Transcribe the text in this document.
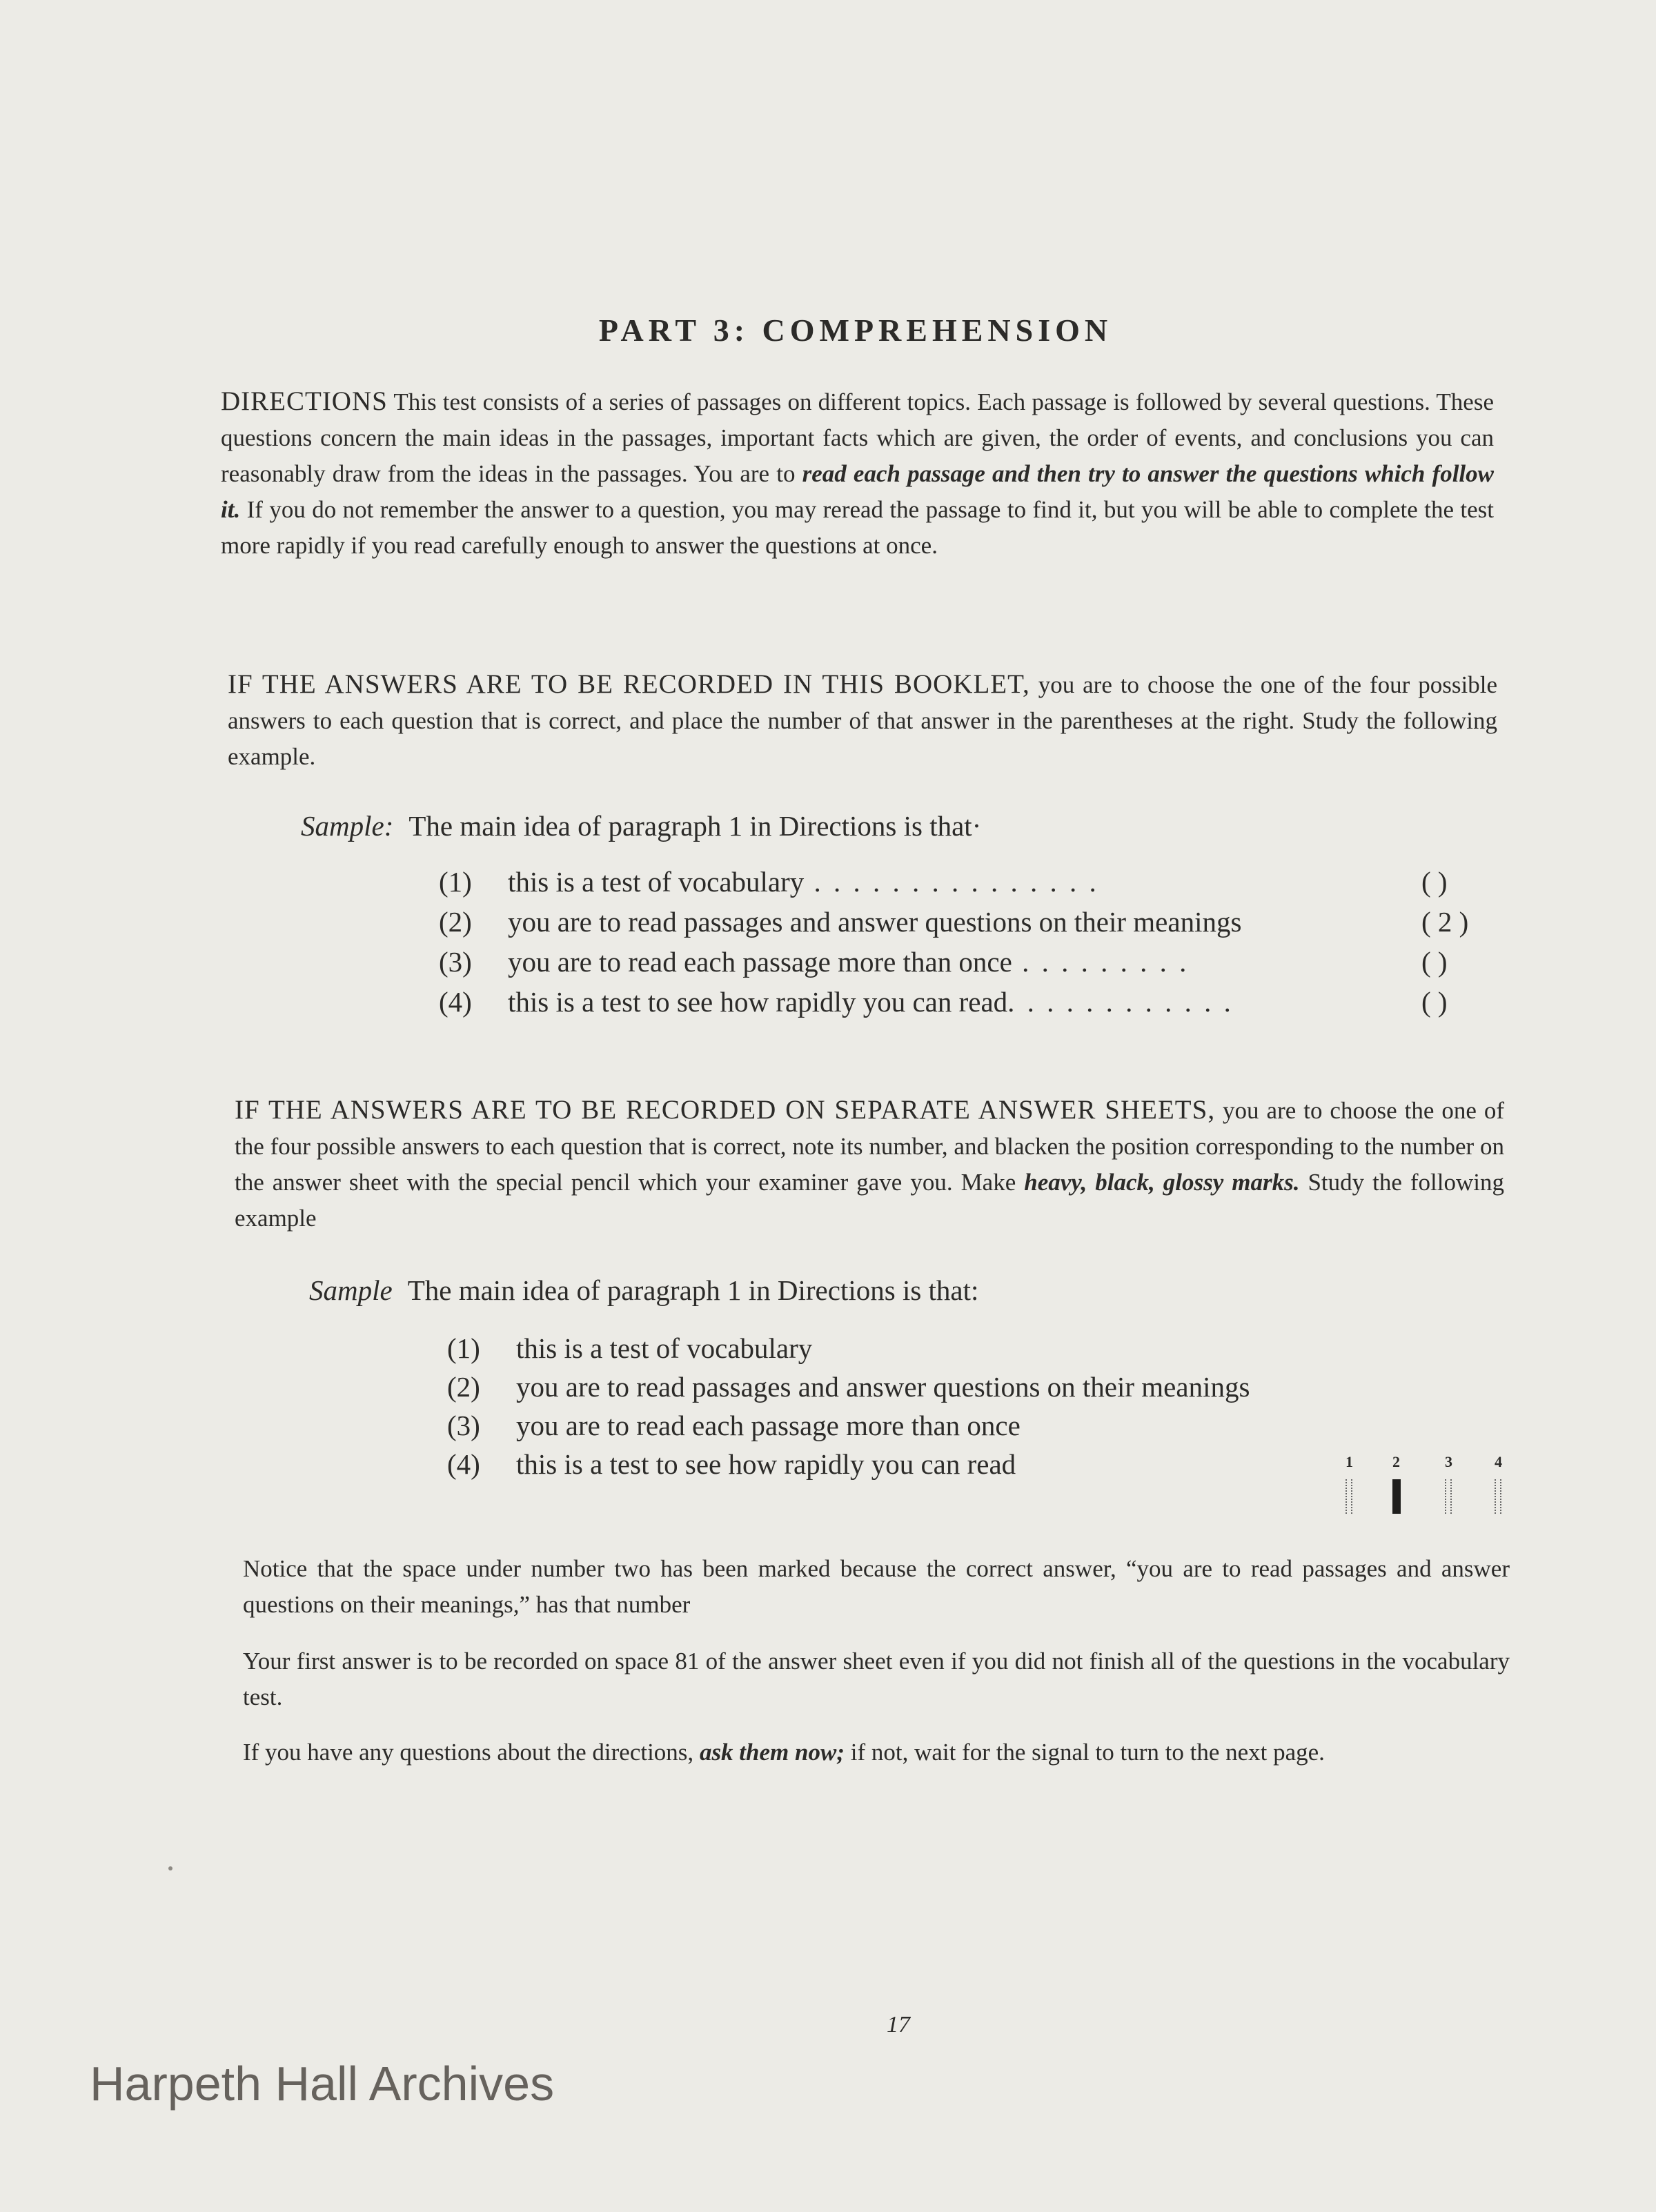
PART 3: COMPREHENSION
DIRECTIONS This test consists of a series of passages on different topics. Each passage is followed by several questions. These questions concern the main ideas in the passages, important facts which are given, the order of events, and conclusions you can reasonably draw from the ideas in the passages. You are to read each passage and then try to answer the questions which follow it. If you do not remember the answer to a question, you may reread the passage to find it, but you will be able to complete the test more rapidly if you read carefully enough to answer the questions at once.
IF THE ANSWERS ARE TO BE RECORDED IN THIS BOOKLET, you are to choose the one of the four possible answers to each question that is correct, and place the number of that answer in the parentheses at the right. Study the following example.
Sample: The main idea of paragraph 1 in Directions is that·
(1) this is a test of vocabulary . . . . . . . . . . . . . . .	( )
(2) you are to read passages and answer questions on their meanings	( 2 )
(3) you are to read each passage more than once . . . . . . . . .	( )
(4) this is a test to see how rapidly you can read. . . . . . . . . . . .	( )
IF THE ANSWERS ARE TO BE RECORDED ON SEPARATE ANSWER SHEETS, you are to choose the one of the four possible answers to each question that is correct, note its number, and blacken the position corresponding to the number on the answer sheet with the special pencil which your examiner gave you. Make heavy, black, glossy marks. Study the following example
Sample The main idea of paragraph 1 in Directions is that:
(1) this is a test of vocabulary
(2) you are to read passages and answer questions on their meanings
(3) you are to read each passage more than once
(4) this is a test to see how rapidly you can read	1	2	3	4
Notice that the space under number two has been marked because the correct answer, “you are to read passages and answer questions on their meanings,” has that number
Your first answer is to be recorded on space 81 of the answer sheet even if you did not finish all of the questions in the vocabulary test.
If you have any questions about the directions, ask them now; if not, wait for the signal to turn to the next page.
17
Harpeth Hall Archives
